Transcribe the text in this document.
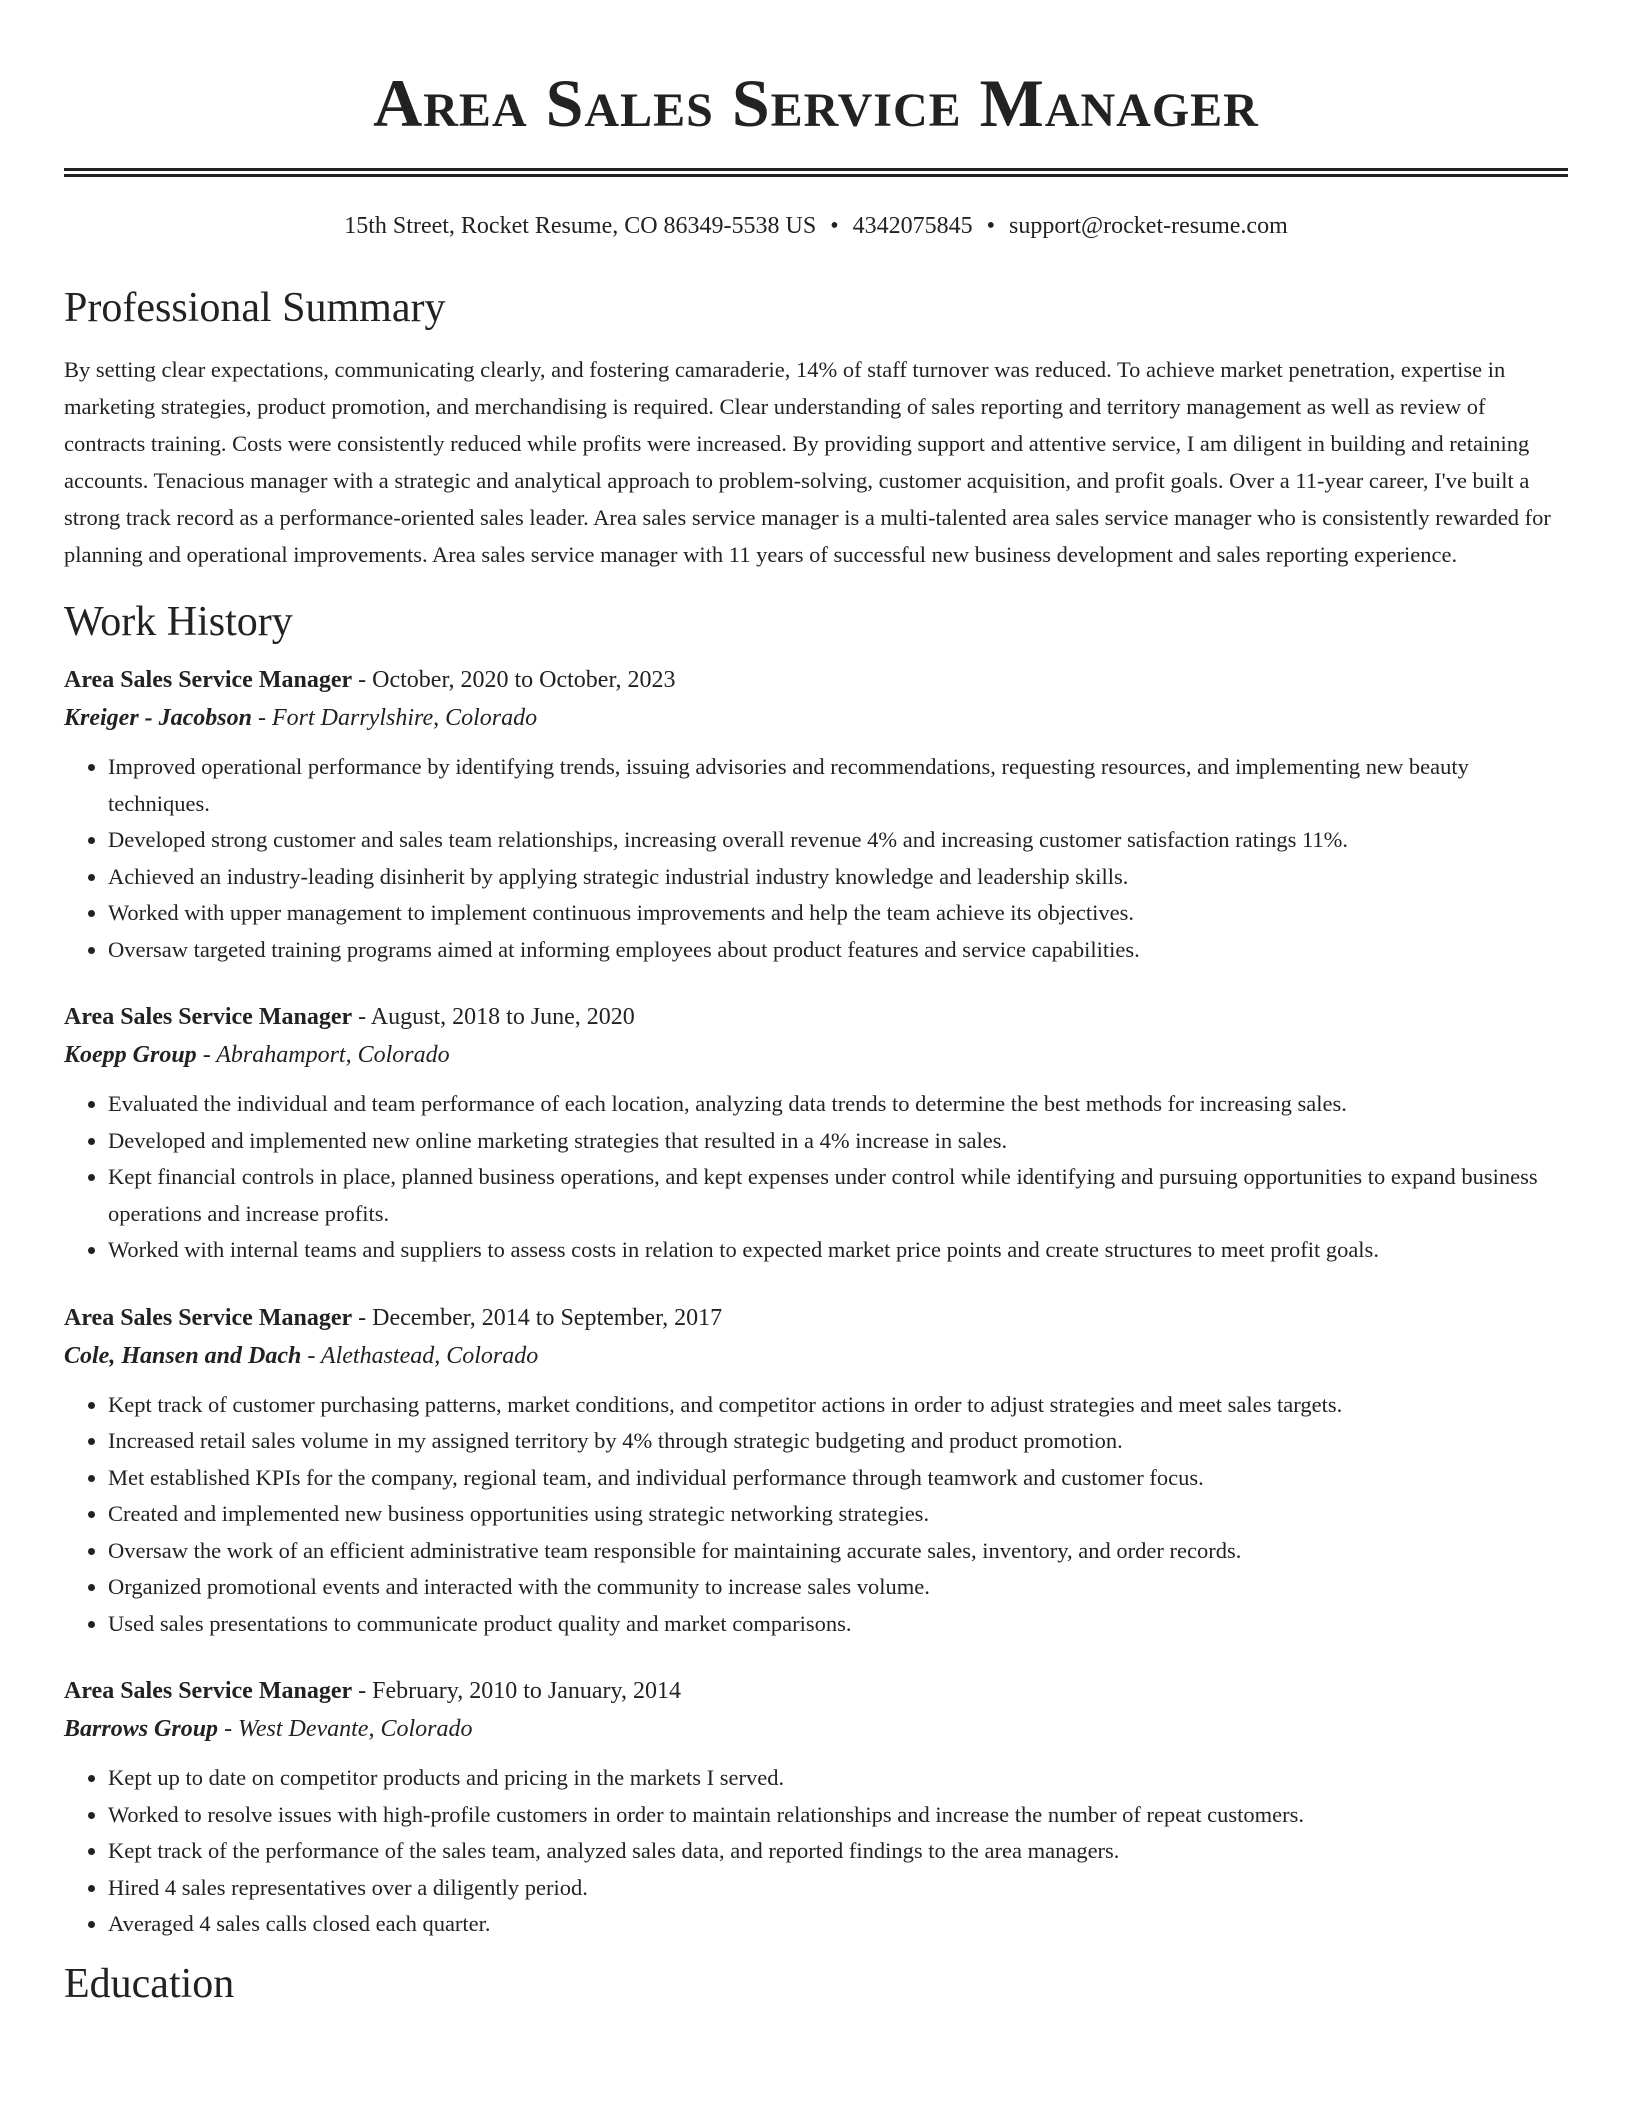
Area Sales Service Manager
15th Street, Rocket Resume, CO 86349-5538 US • 4342075845 • support@rocket-resume.com
Professional Summary

By setting clear expectations, communicating clearly, and fostering camaraderie, 14% of staff turnover was reduced. To achieve market penetration, expertise in marketing strategies, product promotion, and merchandising is required. Clear understanding of sales reporting and territory management as well as review of contracts training. Costs were consistently reduced while profits were increased. By providing support and attentive service, I am diligent in building and retaining accounts. Tenacious manager with a strategic and analytical approach to problem-solving, customer acquisition, and profit goals. Over a 11-year career, I've built a strong track record as a performance-oriented sales leader. Area sales service manager is a multi-talented area sales service manager who is consistently rewarded for planning and operational improvements. Area sales service manager with 11 years of successful new business development and sales reporting experience.

Work History
Area Sales Service Manager - October, 2020 to October, 2023
Kreiger - Jacobson - Fort Darrylshire, Colorado
• Improved operational performance by identifying trends, issuing advisories and recommendations, requesting resources, and implementing new beauty techniques.
• Developed strong customer and sales team relationships, increasing overall revenue 4% and increasing customer satisfaction ratings 11%.
• Achieved an industry-leading disinherit by applying strategic industrial industry knowledge and leadership skills.
• Worked with upper management to implement continuous improvements and help the team achieve its objectives.
• Oversaw targeted training programs aimed at informing employees about product features and service capabilities.
Area Sales Service Manager - August, 2018 to June, 2020
Koepp Group - Abrahamport, Colorado
• Evaluated the individual and team performance of each location, analyzing data trends to determine the best methods for increasing sales.
• Developed and implemented new online marketing strategies that resulted in a 4% increase in sales.
• Kept financial controls in place, planned business operations, and kept expenses under control while identifying and pursuing opportunities to expand business operations and increase profits.
• Worked with internal teams and suppliers to assess costs in relation to expected market price points and create structures to meet profit goals.
Area Sales Service Manager - December, 2014 to September, 2017
Cole, Hansen and Dach - Alethastead, Colorado
• Kept track of customer purchasing patterns, market conditions, and competitor actions in order to adjust strategies and meet sales targets.
• Increased retail sales volume in my assigned territory by 4% through strategic budgeting and product promotion.
• Met established KPIs for the company, regional team, and individual performance through teamwork and customer focus.
• Created and implemented new business opportunities using strategic networking strategies.
• Oversaw the work of an efficient administrative team responsible for maintaining accurate sales, inventory, and order records.
• Organized promotional events and interacted with the community to increase sales volume.
• Used sales presentations to communicate product quality and market comparisons.
Area Sales Service Manager - February, 2010 to January, 2014
Barrows Group - West Devante, Colorado
• Kept up to date on competitor products and pricing in the markets I served.
• Worked to resolve issues with high-profile customers in order to maintain relationships and increase the number of repeat customers.
• Kept track of the performance of the sales team, analyzed sales data, and reported findings to the area managers.
• Hired 4 sales representatives over a diligently period.
• Averaged 4 sales calls closed each quarter.
Education
